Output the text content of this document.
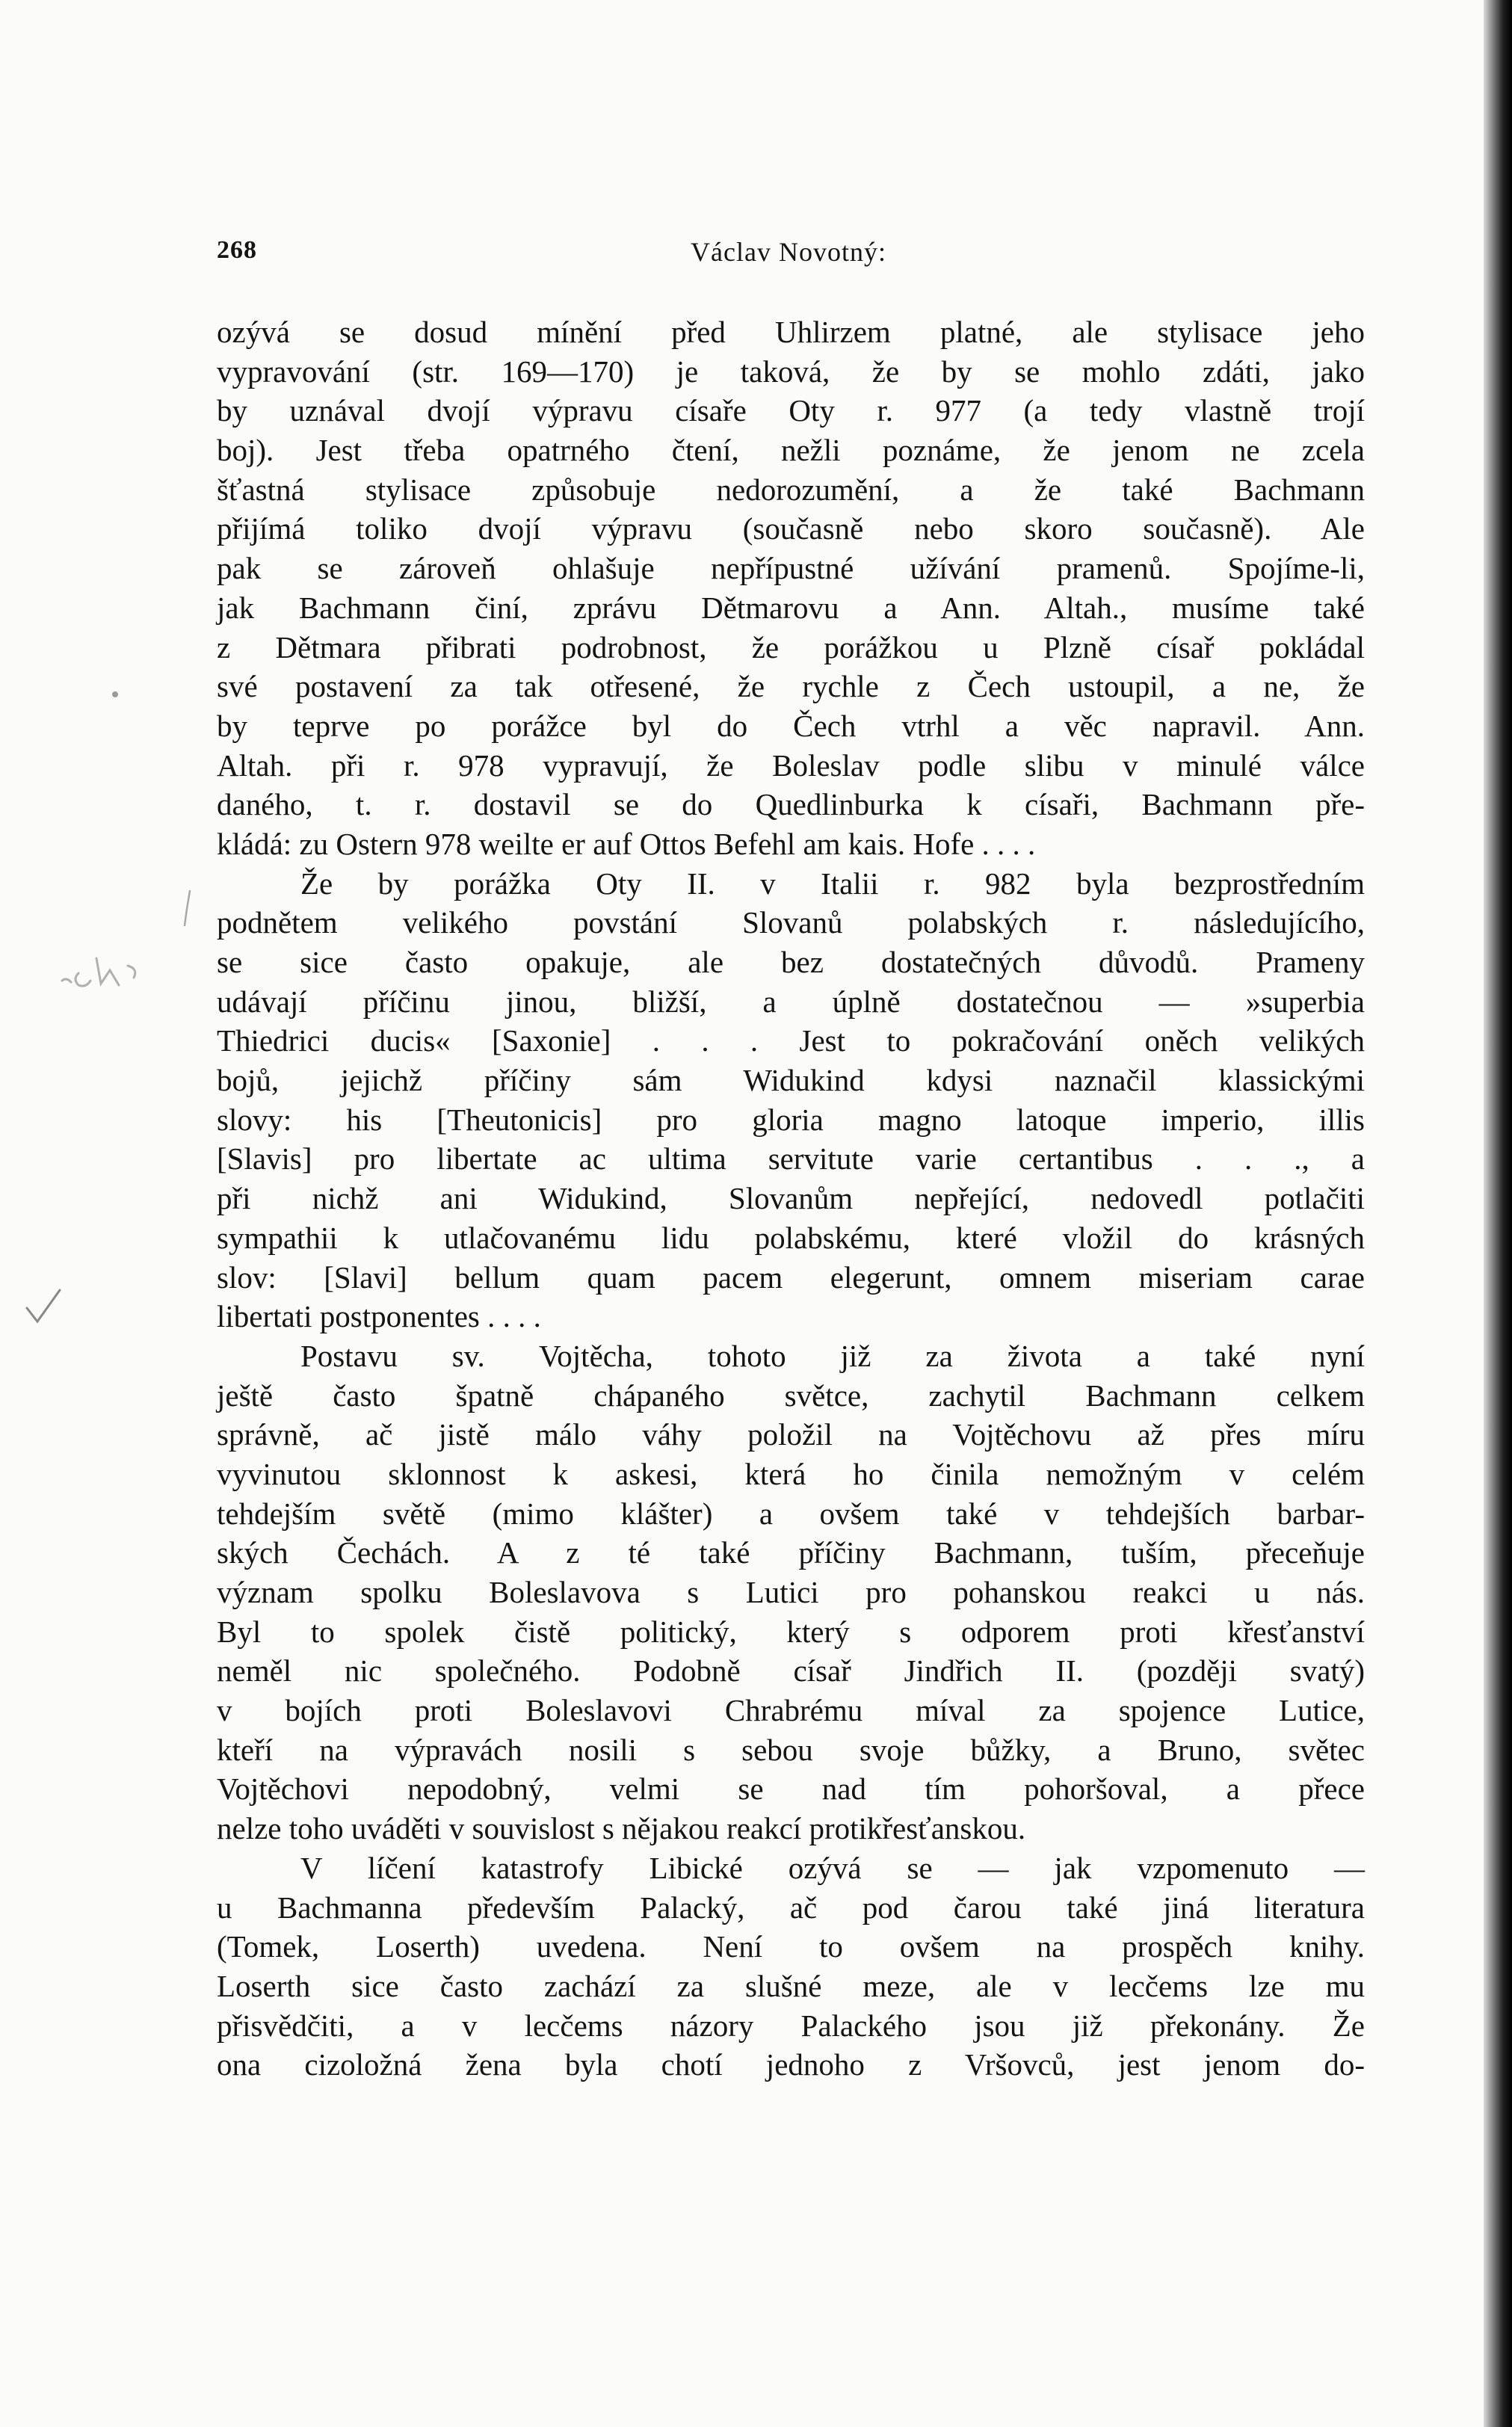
268	Václav Novotný:
ozývá se dosud mínění před Uhlirzem platné, ale stylisace jeho
vypravování (str. 169—170) je taková, že by se mohlo zdáti, jako
by uznával dvojí výpravu císaře Oty r. 977 (a tedy vlastně trojí
boj). Jest třeba opatrného čtení, nežli poznáme, že jenom ne zcela
šťastná stylisace způsobuje nedorozumění, a že také Bachmann
přijímá toliko dvojí výpravu (současně nebo skoro současně). Ale
pak se zároveň ohlašuje nepřípustné užívání pramenů. Spojíme-li,
jak Bachmann činí, zprávu Dětmarovu a Ann. Altah., musíme také
z Dětmara přibrati podrobnost, že porážkou u Plzně císař pokládal
své postavení za tak otřesené, že rychle z Čech ustoupil, a ne, že
by teprve po porážce byl do Čech vtrhl a věc napravil. Ann.
Altah. při r. 978 vypravují, že Boleslav podle slibu v minulé válce
daného, t. r. dostavil se do Quedlinburka k císaři, Bachmann pře-
kládá: zu Ostern 978 weilte er auf Ottos Befehl am kais. Hofe . . . .
Že by porážka Oty II. v Italii r. 982 byla bezprostředním
podnětem velikého povstání Slovanů polabských r. následujícího,
se sice často opakuje, ale bez dostatečných důvodů. Prameny
udávají příčinu jinou, bližší, a úplně dostatečnou — »superbia
Thiedrici ducis« [Saxonie] . . . Jest to pokračování oněch velikých
bojů, jejichž příčiny sám Widukind kdysi naznačil klassickými
slovy: his [Theutonicis] pro gloria magno latoque imperio, illis
[Slavis] pro libertate ac ultima servitute varie certantibus . . ., a
při nichž ani Widukind, Slovanům nepřející, nedovedl potlačiti
sympathii k utlačovanému lidu polabskému, které vložil do krásných
slov: [Slavi] bellum quam pacem elegerunt, omnem miseriam carae
libertati postponentes . . . .
Postavu sv. Vojtěcha, tohoto již za života a také nyní
ještě často špatně chápaného světce, zachytil Bachmann celkem
správně, ač jistě málo váhy položil na Vojtěchovu až přes míru
vyvinutou sklonnost k askesi, která ho činila nemožným v celém
tehdejším světě (mimo klášter) a ovšem také v tehdejších barbar-
ských Čechách. A z té také příčiny Bachmann, tuším, přeceňuje
význam spolku Boleslavova s Lutici pro pohanskou reakci u nás.
Byl to spolek čistě politický, který s odporem proti křesťanství
neměl nic společného. Podobně císař Jindřich II. (později svatý)
v bojích proti Boleslavovi Chrabrému míval za spojence Lutice,
kteří na výpravách nosili s sebou svoje bůžky, a Bruno, světec
Vojtěchovi nepodobný, velmi se nad tím pohoršoval, a přece
nelze toho uváděti v souvislost s nějakou reakcí protikřesťanskou.
V líčení katastrofy Libické ozývá se — jak vzpomenuto —
u Bachmanna především Palacký, ač pod čarou také jiná literatura
(Tomek, Loserth) uvedena. Není to ovšem na prospěch knihy.
Loserth sice často zachází za slušné meze, ale v lecčems lze mu
přisvědčiti, a v lecčems názory Palackého jsou již překonány. Že
ona cizoložná žena byla chotí jednoho z Vršovců, jest jenom do-
